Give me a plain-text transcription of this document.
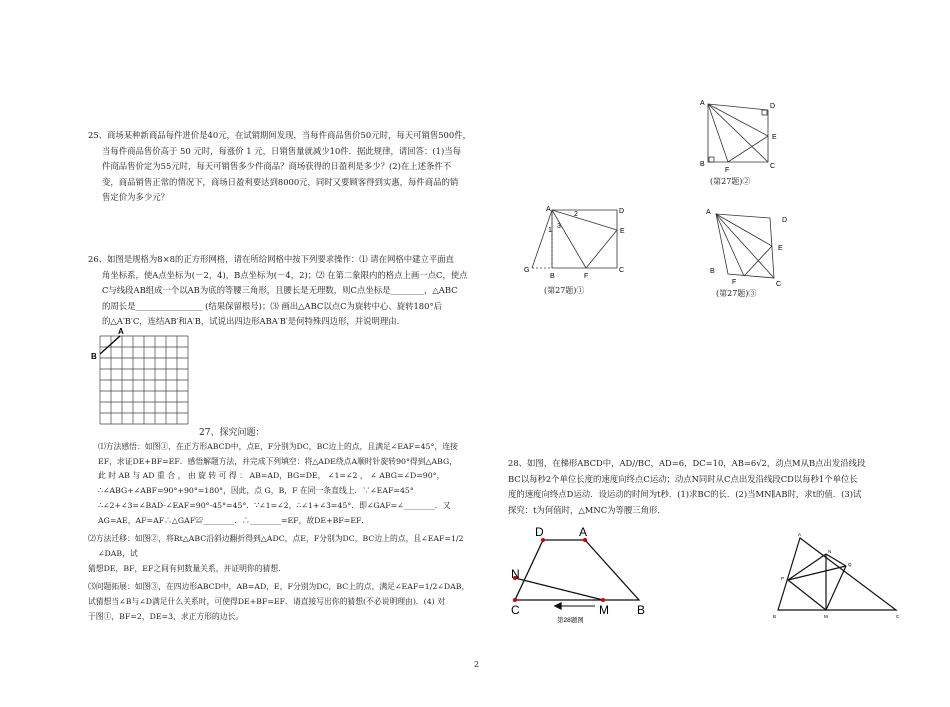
25、商场某种新商品每件进价是40元，在试销期间发现，当每件商品售价50元时，每天可销售500件，

当每件商品售价高于 50 元时，每涨价 1 元，日销售量就减少10件．据此规律，请回答：(1)当每

件商品售价定为55元时，每天可销售多少件商品？商场获得的日盈利是多少？(2)在上述条件不

变，商品销售正常的情况下，商场日盈利要达到8000元，同时又要顾客得到实惠，每件商品的销

售定价为多少元？

26、如图是规格为8×8的正方形网格，请在所给网格中按下列要求操作：⑴ 请在网格中建立平面直

角坐标系，使A点坐标为(－2，4)，B点坐标为(－4，2)；⑵ 在第二象限内的格点上画一点C，使点

C与线段AB组成一个以AB为底的等腰三角形，且腰长是无理数，则C点坐标是________，△ABC

的周长是________________ (结果保留根号)；⑶ 画出△ABC以点C为旋转中心、旋转180°后

的△A′B′C，连结AB′和A′B，试说出四边形ABA′B′是何特殊四边形，并说明理由.

A
B
27、探究问题：

⑴方法感悟：如图①，在正方形ABCD中，点E，F分别为DC，BC边上的点，且满足∠EAF=45°，连接

EF，求证DE+BF=EF．感悟解题方法，并完成下列填空：将△ADE绕点A顺时针旋转90°得到△ABG，

此 时 AB 与 AD 重 合 ， 由 旋 转 可 得 ： AB=AD，BG=DE， ∠1=∠2 ， ∠ ABG=∠D=90°，

∴∠ABG+∠ABF=90°+90°=180°，因此，点 G，B，F 在同一条直线上．∵∠EAF=45°

∴∠2+∠3=∠BAD-∠EAF=90°-45°=45°．∵∠1=∠2，∴∠1+∠3=45°．即∠GAF=∠________．又

AG=AE，AF=AF∴△GAF≌________．∴________=EF，故DE+BF=EF．

⑵方法迁移：如图②，将Rt△ABC沿斜边翻折得到△ADC，点E，F分别为DC，BC边上的点，且∠EAF=1/2

∠DAB，试

猜想DE，BF，EF之间有何数量关系，并证明你的猜想.

⑶问题拓展：如图③，在四边形ABCD中，AB=AD，E，F分别为DC，BC上的点，满足∠EAF=1/2∠DAB，

试猜想当∠B与∠D满足什么关系时，可使得DE+BF=EF．请直接写出你的猜想(不必说明理由)．(4) 对

于图①，BF=2，DE=3，求正方形的边长。

A	D
E
B
F
C
(第27题)②
A	D
E
G
B	F
C
1
2
3
(第27题)①
A
D
E
B
F	C
(第27题)③

28、如图，在梯形ABCD中，AD//BC，AD=6，DC=10，AB=6√2，动点M从B点出发沿线段

BC以每秒2个单位长度的速度向终点C运动；动点N同时从C点出发沿线段CD以每秒1个单位长

度的速度向终点D运动．设运动的时间为t秒．(1)求BC的长．(2)当MN∥AB时，求t的值．(3)试

探究：t为何值时，△MNC为等腰三角形．

D	A
N
C	M B
第28题图
A
N
Q
P
B	M	C
2
